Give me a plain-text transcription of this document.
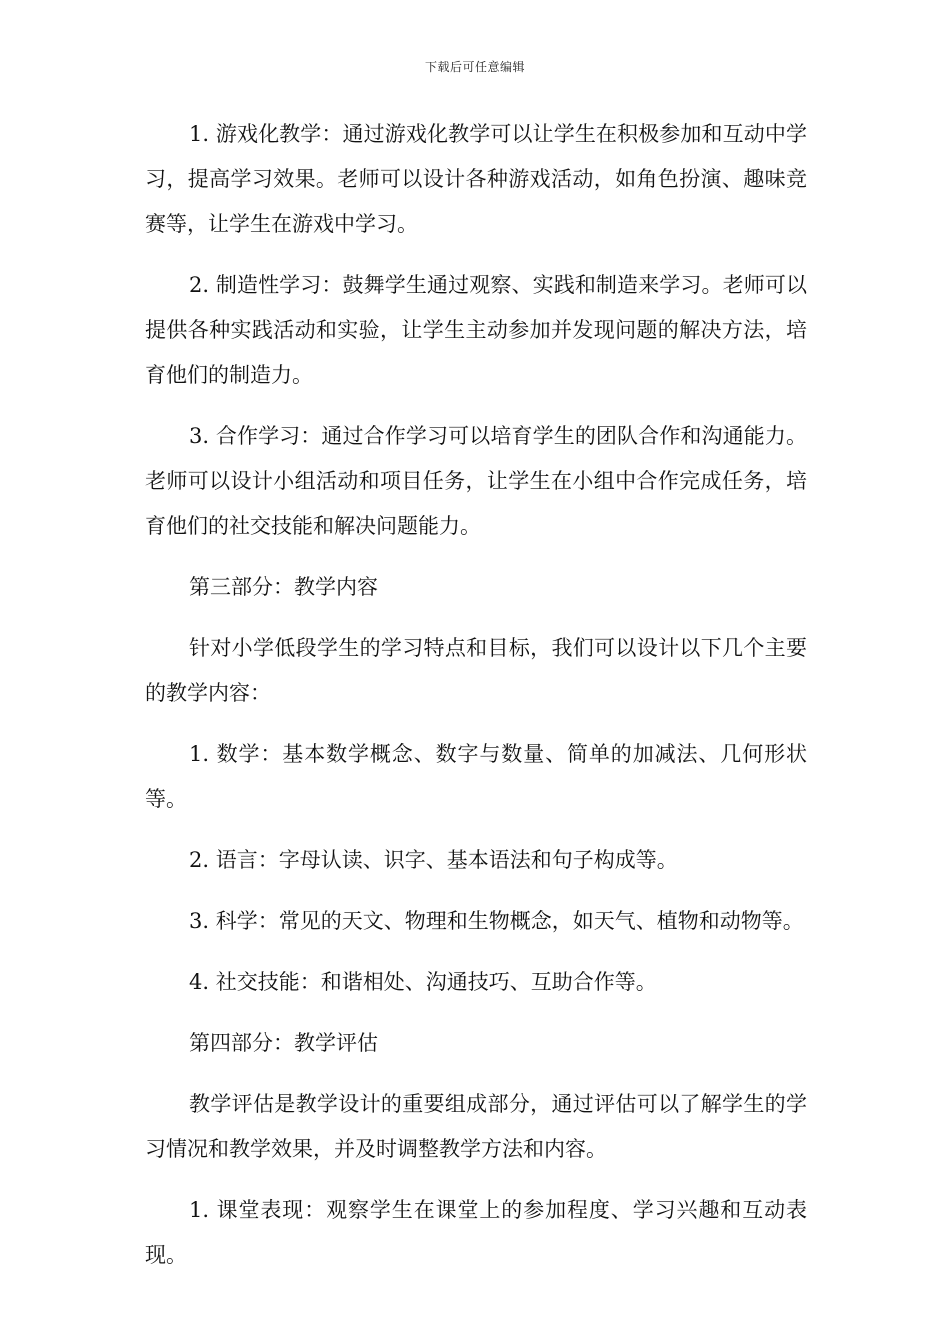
下载后可任意编辑

1. 游戏化教学：通过游戏化教学可以让学生在积极参加和互动中学习，提高学习效果。老师可以设计各种游戏活动，如角色扮演、趣味竞赛等，让学生在游戏中学习。

2. 制造性学习：鼓舞学生通过观察、实践和制造来学习。老师可以提供各种实践活动和实验，让学生主动参加并发现问题的解决方法，培育他们的制造力。

3. 合作学习：通过合作学习可以培育学生的团队合作和沟通能力。老师可以设计小组活动和项目任务，让学生在小组中合作完成任务，培育他们的社交技能和解决问题能力。

第三部分：教学内容

针对小学低段学生的学习特点和目标，我们可以设计以下几个主要的教学内容：

1. 数学：基本数学概念、数字与数量、简单的加减法、几何形状等。

2. 语言：字母认读、识字、基本语法和句子构成等。

3. 科学：常见的天文、物理和生物概念，如天气、植物和动物等。

4. 社交技能：和谐相处、沟通技巧、互助合作等。

第四部分：教学评估

教学评估是教学设计的重要组成部分，通过评估可以了解学生的学习情况和教学效果，并及时调整教学方法和内容。

1. 课堂表现：观察学生在课堂上的参加程度、学习兴趣和互动表现。
